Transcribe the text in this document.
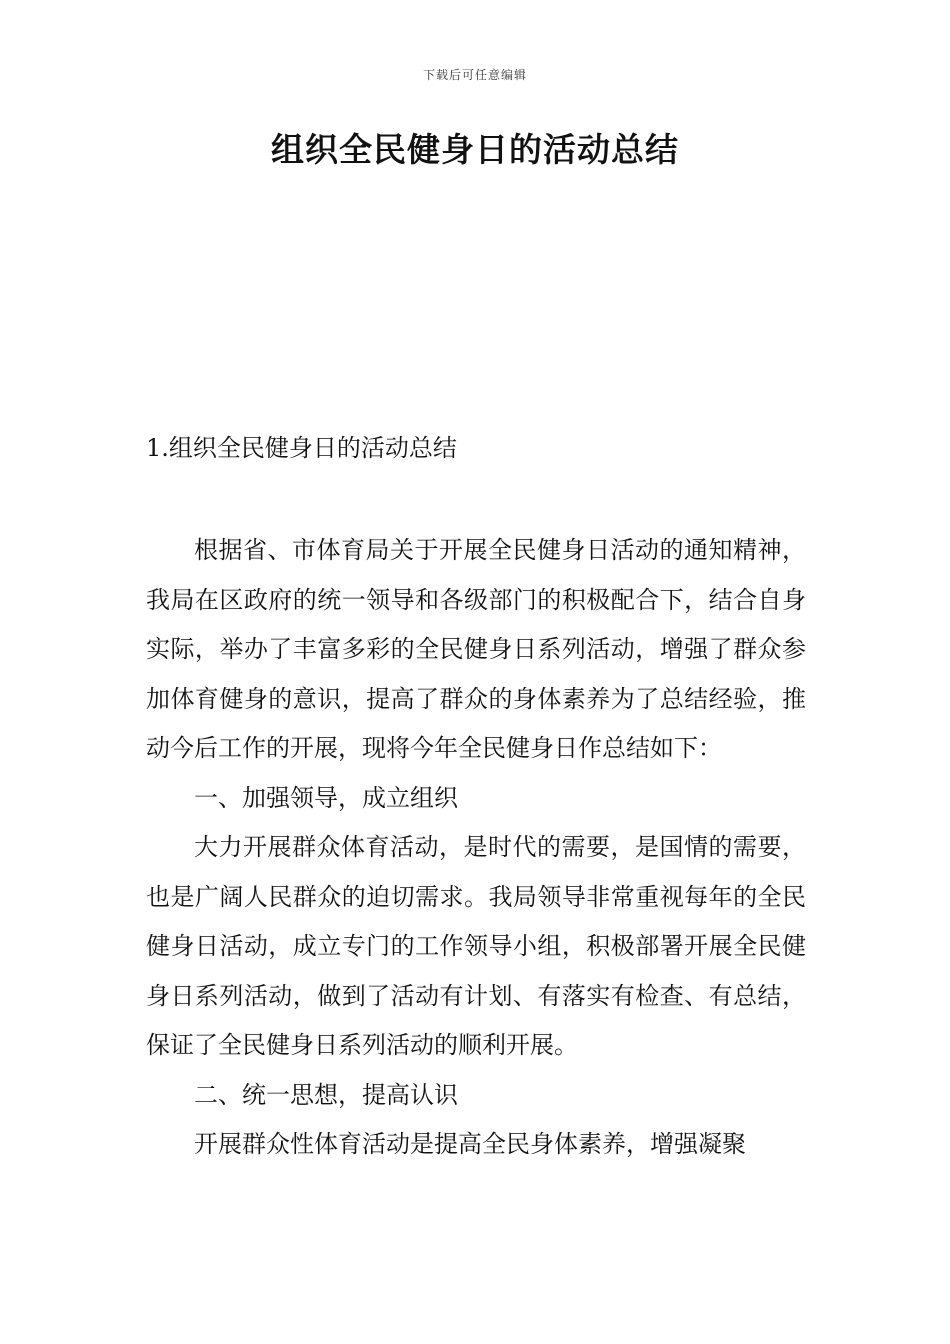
下载后可任意编辑
组织全民健身日的活动总结
1.组织全民健身日的活动总结

根据省、市体育局关于开展全民健身日活动的通知精神，我局在区政府的统一领导和各级部门的积极配合下，结合自身实际，举办了丰富多彩的全民健身日系列活动，增强了群众参加体育健身的意识，提高了群众的身体素养为了总结经验，推动今后工作的开展，现将今年全民健身日作总结如下：

一、加强领导，成立组织

大力开展群众体育活动，是时代的需要，是国情的需要，也是广阔人民群众的迫切需求。我局领导非常重视每年的全民健身日活动，成立专门的工作领导小组，积极部署开展全民健身日系列活动，做到了活动有计划、有落实有检查、有总结，保证了全民健身日系列活动的顺利开展。

二、统一思想，提高认识

开展群众性体育活动是提高全民身体素养，增强凝聚
